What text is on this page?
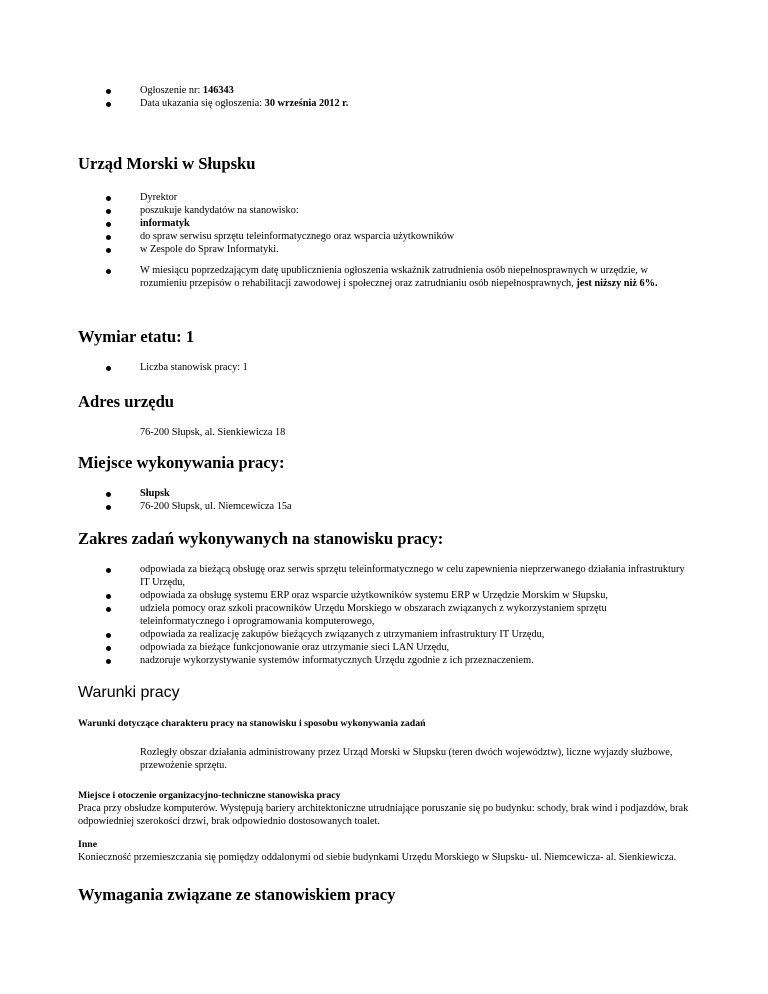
Ogłoszenie nr: 146343
Data ukazania się ogłoszenia: 30 września 2012 r.
Urząd Morski w Słupsku
Dyrektor
poszukuje kandydatów na stanowisko:
informatyk
do spraw serwisu sprzętu teleinformatycznego oraz wsparcia użytkowników
w Zespole do Spraw Informatyki.
W miesiącu poprzedzającym datę upublicznienia ogłoszenia wskaźnik zatrudnienia osób niepełnosprawnych w urzędzie, w rozumieniu przepisów o rehabilitacji zawodowej i społecznej oraz zatrudnianiu osób niepełnosprawnych, jest niższy niż 6%.
Wymiar etatu: 1
Liczba stanowisk pracy: 1
Adres urzędu
76-200 Słupsk, al. Sienkiewicza 18
Miejsce wykonywania pracy:
Słupsk
76-200 Słupsk, ul. Niemcewicza 15a
Zakres zadań wykonywanych na stanowisku pracy:
odpowiada za bieżącą obsługę oraz serwis sprzętu teleinformatycznego w celu zapewnienia nieprzerwanego działania infrastruktury IT Urzędu,
odpowiada za obsługę systemu ERP oraz wsparcie użytkowników systemu ERP w Urzędzie Morskim w Słupsku,
udziela pomocy oraz szkoli pracowników Urzędu Morskiego w obszarach związanych z wykorzystaniem sprzętu teleinformatycznego i oprogramowania komputerowego,
odpowiada za realizację zakupów bieżących związanych z utrzymaniem infrastruktury IT Urzędu,
odpowiada za bieżące funkcjonowanie oraz utrzymanie sieci LAN Urzędu,
nadzoruje wykorzystywanie systemów informatycznych Urzędu zgodnie z ich przeznaczeniem.
Warunki pracy
Warunki dotyczące charakteru pracy na stanowisku i sposobu wykonywania zadań
Rozległy obszar działania administrowany przez Urząd Morski w Słupsku (teren dwóch województw), liczne wyjazdy służbowe, przewożenie sprzętu.
Miejsce i otoczenie organizacyjno-techniczne stanowiska pracy
Praca przy obsłudze komputerów. Występują bariery architektoniczne utrudniające poruszanie się po budynku: schody, brak wind i podjazdów, brak odpowiedniej szerokości drzwi, brak odpowiednio dostosowanych toalet.
Inne
Konieczność przemieszczania się pomiędzy oddalonymi od siebie budynkami Urzędu Morskiego w Słupsku- ul. Niemcewicza- al. Sienkiewicza.
Wymagania związane ze stanowiskiem pracy
